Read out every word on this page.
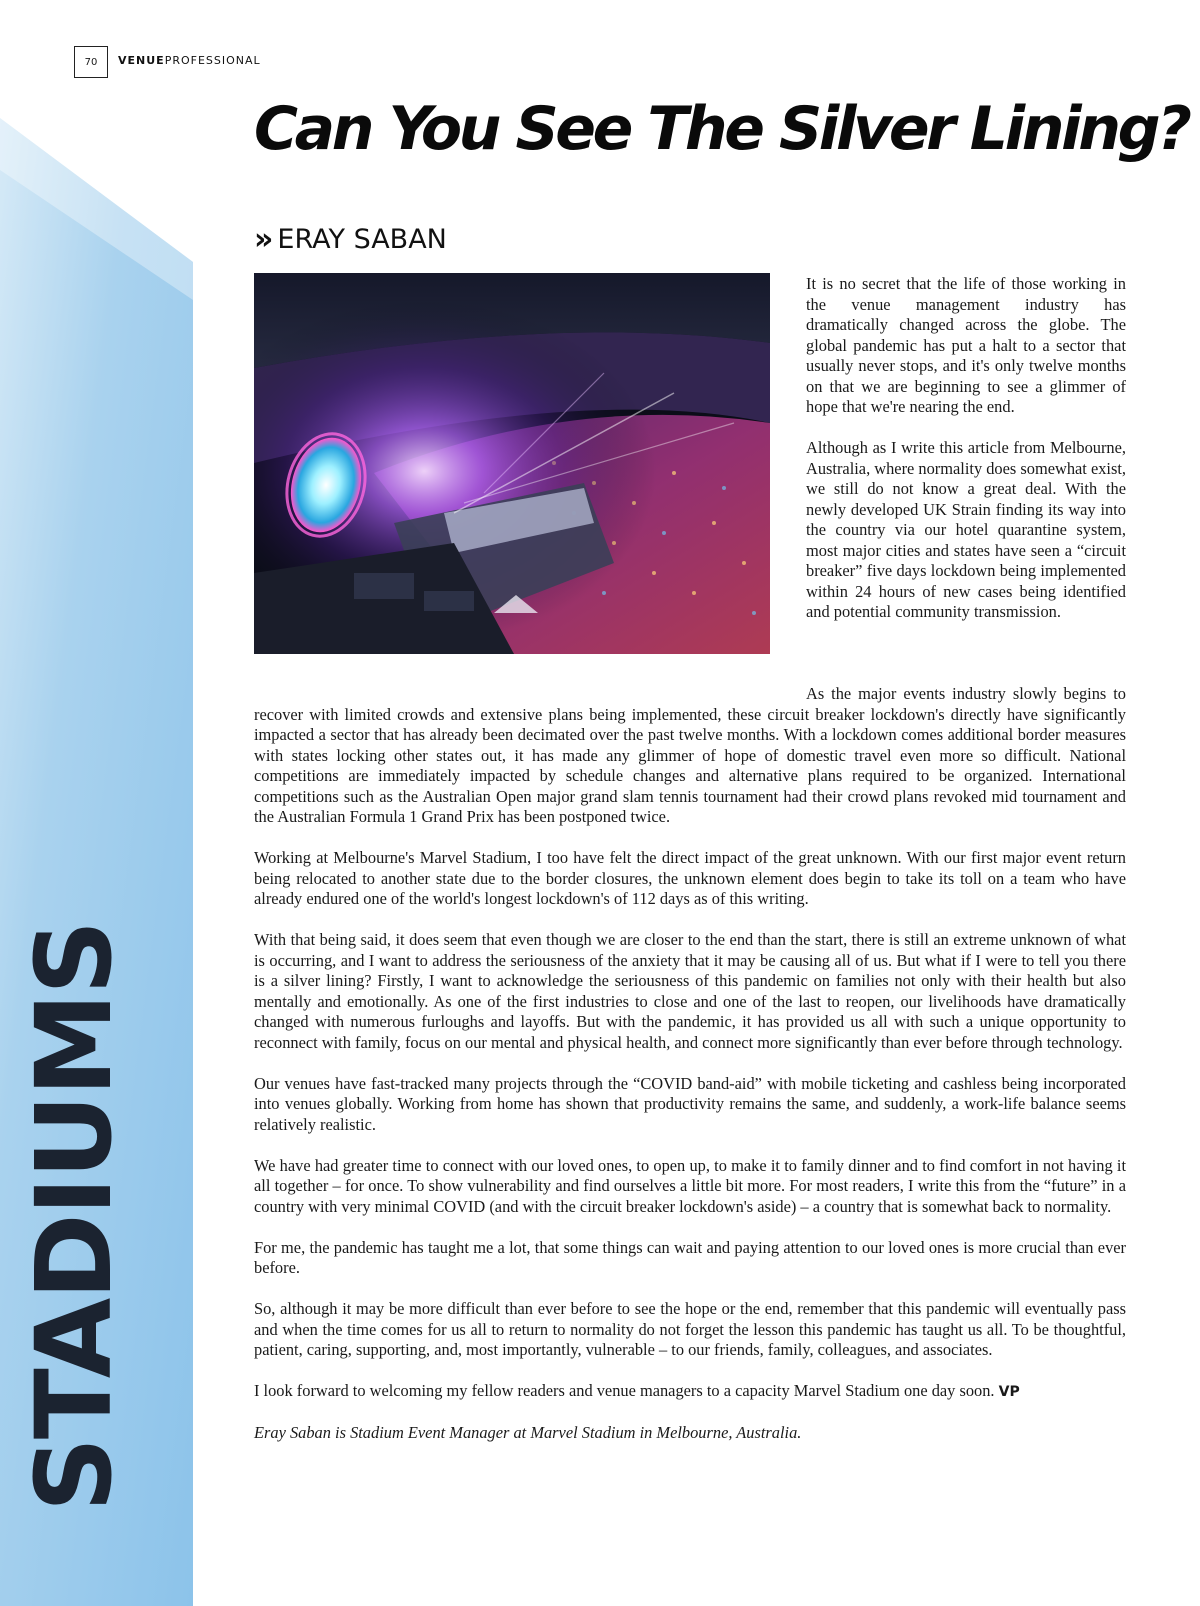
STADIUMS
70	VENUEPROFESSIONAL
Can You See The Silver Lining?
» ERAY SABAN

It is no secret that the life of those working in the venue management industry has dramatically changed across the globe. The global pandemic has put a halt to a sector that usually never stops, and it's only twelve months on that we are beginning to see a glimmer of hope that we're nearing the end.

Although as I write this article from Melbourne, Australia, where normality does somewhat exist, we still do not know a great deal. With the newly developed UK Strain finding its way into the country via our hotel quarantine system, most major cities and states have seen a “circuit breaker” five days lockdown being implemented within 24 hours of new cases being identified and potential community transmission.

As the major events industry slowly begins to recover with limited crowds and extensive plans being implemented, these circuit breaker lockdown's directly have significantly impacted a sector that has already been decimated over the past twelve months. With a lockdown comes additional border measures with states locking other states out, it has made any glimmer of hope of domestic travel even more so difficult. National competitions are immediately impacted by schedule changes and alternative plans required to be organized. International competitions such as the Australian Open major grand slam tennis tournament had their crowd plans revoked mid tournament and the Australian Formula 1 Grand Prix has been postponed twice.

Working at Melbourne's Marvel Stadium, I too have felt the direct impact of the great unknown. With our first major event return being relocated to another state due to the border closures, the unknown element does begin to take its toll on a team who have already endured one of the world's longest lockdown's of 112 days as of this writing.

With that being said, it does seem that even though we are closer to the end than the start, there is still an extreme unknown of what is occurring, and I want to address the seriousness of the anxiety that it may be causing all of us. But what if I were to tell you there is a silver lining? Firstly, I want to acknowledge the seriousness of this pandemic on families not only with their health but also mentally and emotionally. As one of the first industries to close and one of the last to reopen, our livelihoods have dramatically changed with numerous furloughs and layoffs. But with the pandemic, it has provided us all with such a unique opportunity to reconnect with family, focus on our mental and physical health, and connect more significantly than ever before through technology.

Our venues have fast-tracked many projects through the “COVID band-aid” with mobile ticketing and cashless being incorporated into venues globally. Working from home has shown that productivity remains the same, and suddenly, a work-life balance seems relatively realistic.

We have had greater time to connect with our loved ones, to open up, to make it to family dinner and to find comfort in not having it all together – for once. To show vulnerability and find ourselves a little bit more. For most readers, I write this from the “future” in a country with very minimal COVID (and with the circuit breaker lockdown's aside) – a country that is somewhat back to normality.

For me, the pandemic has taught me a lot, that some things can wait and paying attention to our loved ones is more crucial than ever before.

So, although it may be more difficult than ever before to see the hope or the end, remember that this pandemic will eventually pass and when the time comes for us all to return to normality do not forget the lesson this pandemic has taught us all. To be thoughtful, patient, caring, supporting, and, most importantly, vulnerable – to our friends, family, colleagues, and associates.

I look forward to welcoming my fellow readers and venue managers to a capacity Marvel Stadium one day soon. VP

Eray Saban is Stadium Event Manager at Marvel Stadium in Melbourne, Australia.
